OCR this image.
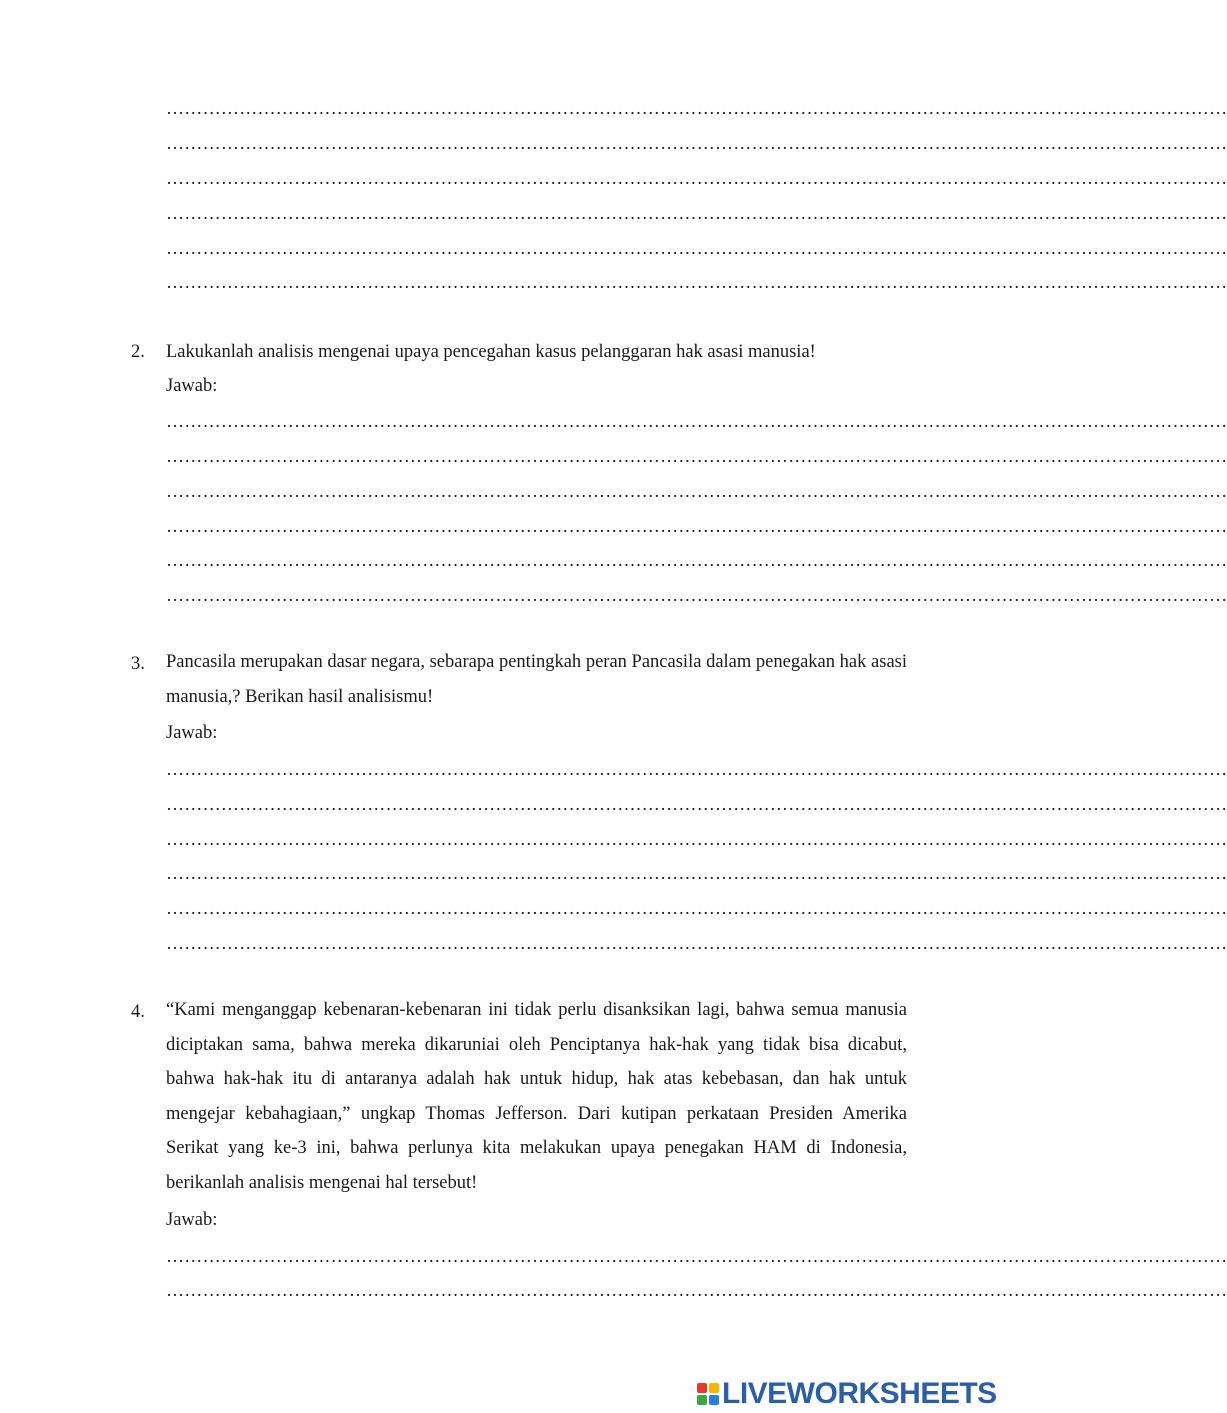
…………………………………………………………………………………………………………………………………………………………
…………………………………………………………………………………………………………………………………………………………
…………………………………………………………………………………………………………………………………………………………
…………………………………………………………………………………………………………………………………………………………
…………………………………………………………………………………………………………………………………………………………
…………………………………………………………………………………………………………………………………………………………
2.	Lakukanlah analisis mengenai upaya pencegahan kasus pelanggaran hak asasi manusia!
Jawab:
…………………………………………………………………………………………………………………………………………………………
…………………………………………………………………………………………………………………………………………………………
…………………………………………………………………………………………………………………………………………………………
…………………………………………………………………………………………………………………………………………………………
…………………………………………………………………………………………………………………………………………………………
…………………………………………………………………………………………………………………………………………………………
3.	Pancasila merupakan dasar negara, sebarapa pentingkah peran Pancasila dalam penegakan hak asasi manusia,? Berikan hasil analisismu!
Jawab:
…………………………………………………………………………………………………………………………………………………………
…………………………………………………………………………………………………………………………………………………………
…………………………………………………………………………………………………………………………………………………………
…………………………………………………………………………………………………………………………………………………………
…………………………………………………………………………………………………………………………………………………………
…………………………………………………………………………………………………………………………………………………………
4.	“Kami menganggap kebenaran-kebenaran ini tidak perlu disanksikan lagi, bahwa semua manusia diciptakan sama, bahwa mereka dikaruniai oleh Penciptanya hak-hak yang tidak bisa dicabut, bahwa hak-hak itu di antaranya adalah hak untuk hidup, hak atas kebebasan, dan hak untuk mengejar kebahagiaan,” ungkap Thomas Jefferson. Dari kutipan perkataan Presiden Amerika Serikat yang ke-3 ini, bahwa perlunya kita melakukan upaya penegakan HAM di Indonesia, berikanlah analisis mengenai hal tersebut!
Jawab:
…………………………………………………………………………………………………………………………………………………………
…………………………………………………………………………………………………………………………………………………………
LIVEWORKSHEETS
